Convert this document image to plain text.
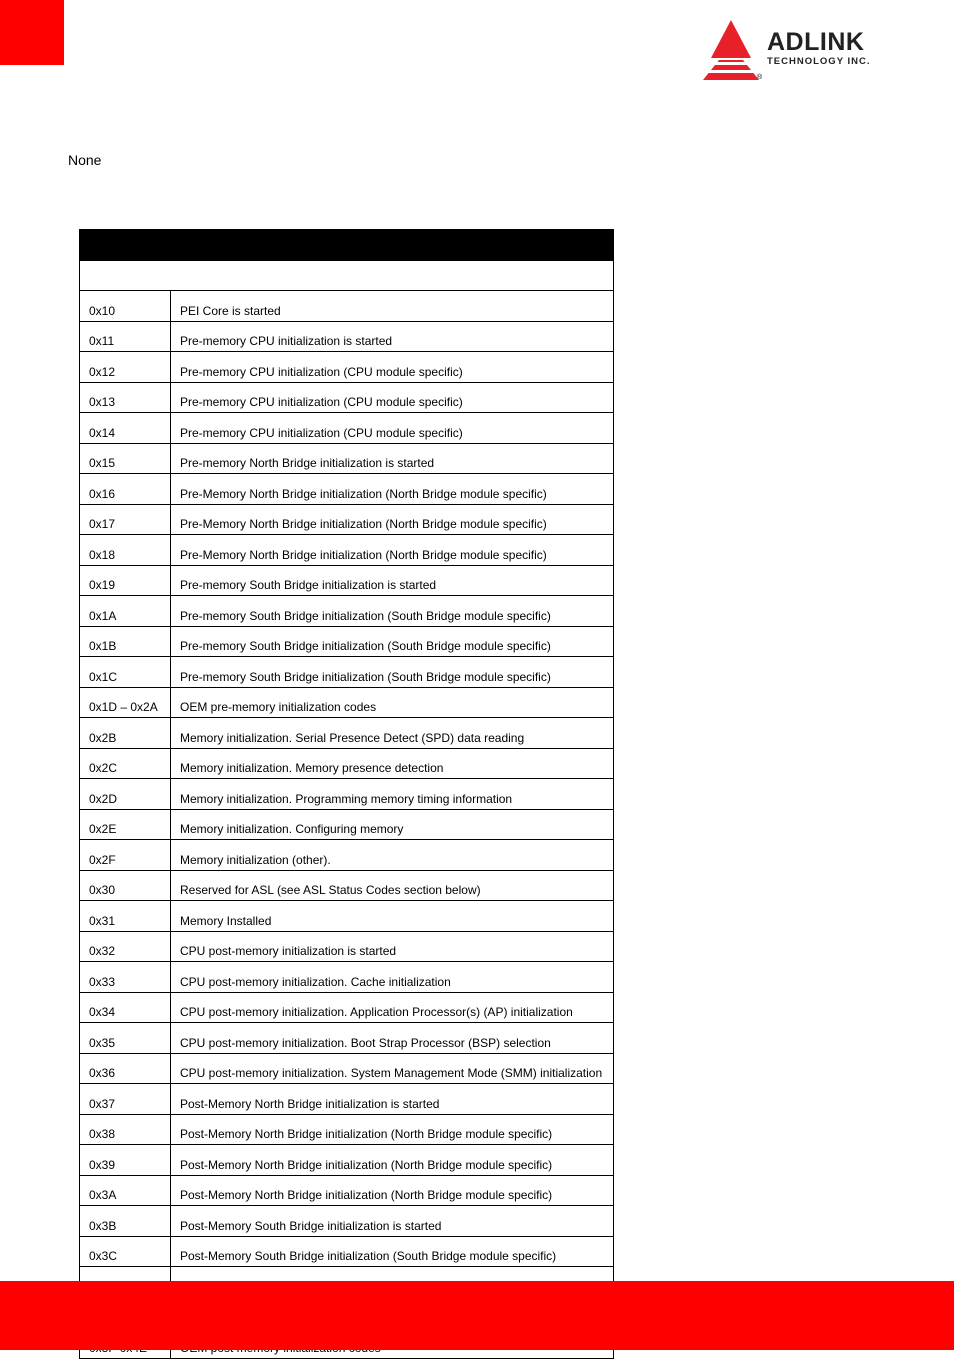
ADLINK
TECHNOLOGY INC.
®
None

0x10	PEI Core is started
0x11	Pre-memory CPU initialization is started
0x12	Pre-memory CPU initialization (CPU module specific)
0x13	Pre-memory CPU initialization (CPU module specific)
0x14	Pre-memory CPU initialization (CPU module specific)
0x15	Pre-memory North Bridge initialization is started
0x16	Pre-Memory North Bridge initialization (North Bridge module specific)
0x17	Pre-Memory North Bridge initialization (North Bridge module specific)
0x18	Pre-Memory North Bridge initialization (North Bridge module specific)
0x19	Pre-memory South Bridge initialization is started
0x1A	Pre-memory South Bridge initialization (South Bridge module specific)
0x1B	Pre-memory South Bridge initialization (South Bridge module specific)
0x1C	Pre-memory South Bridge initialization (South Bridge module specific)
0x1D – 0x2A	OEM pre-memory initialization codes
0x2B	Memory initialization. Serial Presence Detect (SPD) data reading
0x2C	Memory initialization. Memory presence detection
0x2D	Memory initialization. Programming memory timing information
0x2E	Memory initialization. Configuring memory
0x2F	Memory initialization (other).
0x30	Reserved for ASL (see ASL Status Codes section below)
0x31	Memory Installed
0x32	CPU post-memory initialization is started
0x33	CPU post-memory initialization. Cache initialization
0x34	CPU post-memory initialization. Application Processor(s) (AP) initialization
0x35	CPU post-memory initialization. Boot Strap Processor (BSP) selection
0x36	CPU post-memory initialization. System Management Mode (SMM) initialization
0x37	Post-Memory North Bridge initialization is started
0x38	Post-Memory North Bridge initialization (North Bridge module specific)
0x39	Post-Memory North Bridge initialization (North Bridge module specific)
0x3A	Post-Memory North Bridge initialization (North Bridge module specific)
0x3B	Post-Memory South Bridge initialization is started
0x3C	Post-Memory South Bridge initialization (South Bridge module specific)
